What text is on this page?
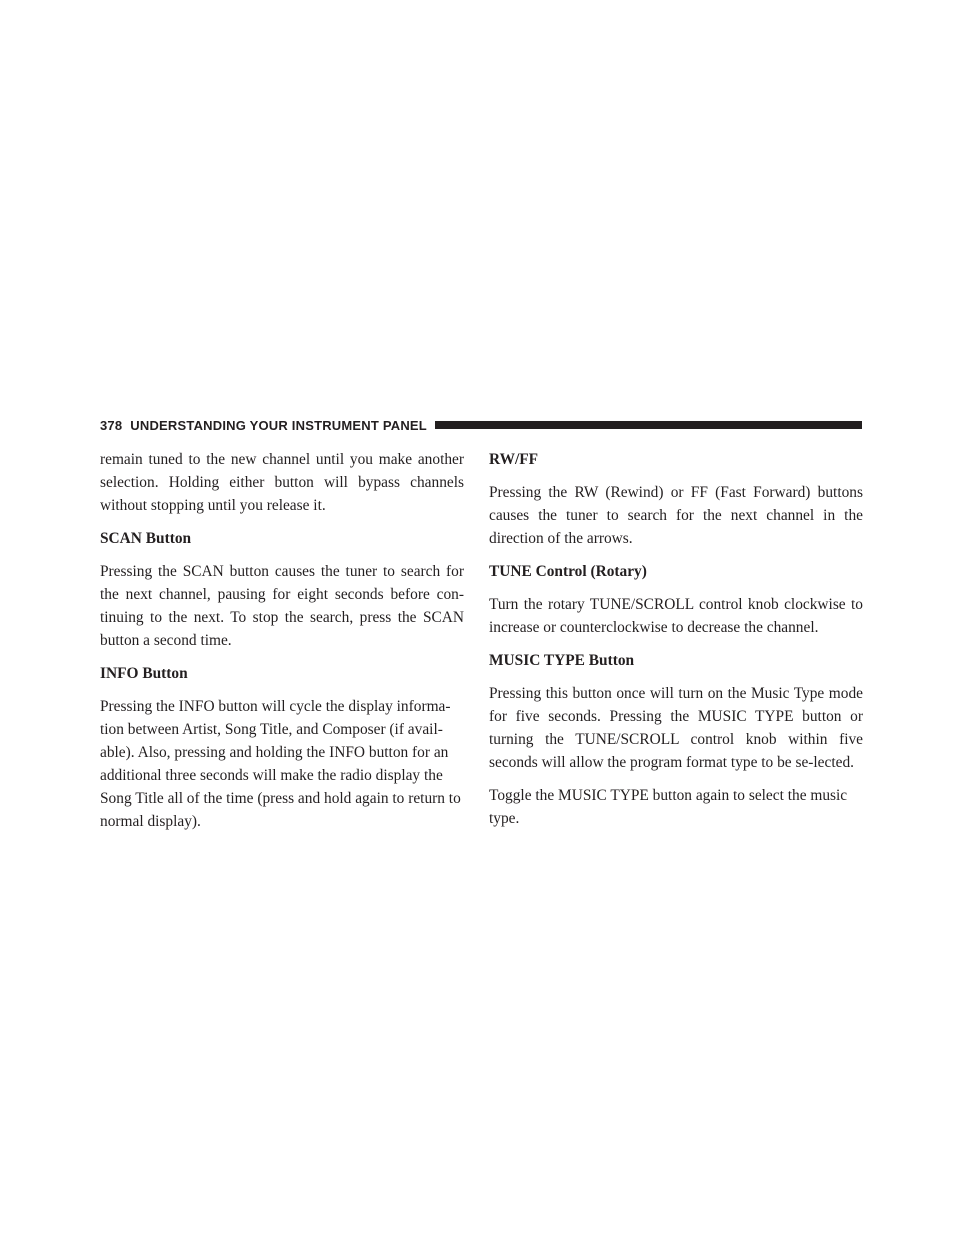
378 UNDERSTANDING YOUR INSTRUMENT PANEL

remain tuned to the new channel until you make another selection. Holding either button will bypass channels without stopping until you release it.

SCAN Button

Pressing the SCAN button causes the tuner to search for the next channel, pausing for eight seconds before con-tinuing to the next. To stop the search, press the SCAN button a second time.

INFO Button

Pressing the INFO button will cycle the display informa-tion between Artist, Song Title, and Composer (if avail-able). Also, pressing and holding the INFO button for an additional three seconds will make the radio display the Song Title all of the time (press and hold again to return to normal display).

RW/FF

Pressing the RW (Rewind) or FF (Fast Forward) buttons causes the tuner to search for the next channel in the direction of the arrows.

TUNE Control (Rotary)

Turn the rotary TUNE/SCROLL control knob clockwise to increase or counterclockwise to decrease the channel.

MUSIC TYPE Button

Pressing this button once will turn on the Music Type mode for five seconds. Pressing the MUSIC TYPE button or turning the TUNE/SCROLL control knob within five seconds will allow the program format type to be se-lected.

Toggle the MUSIC TYPE button again to select the music type.
